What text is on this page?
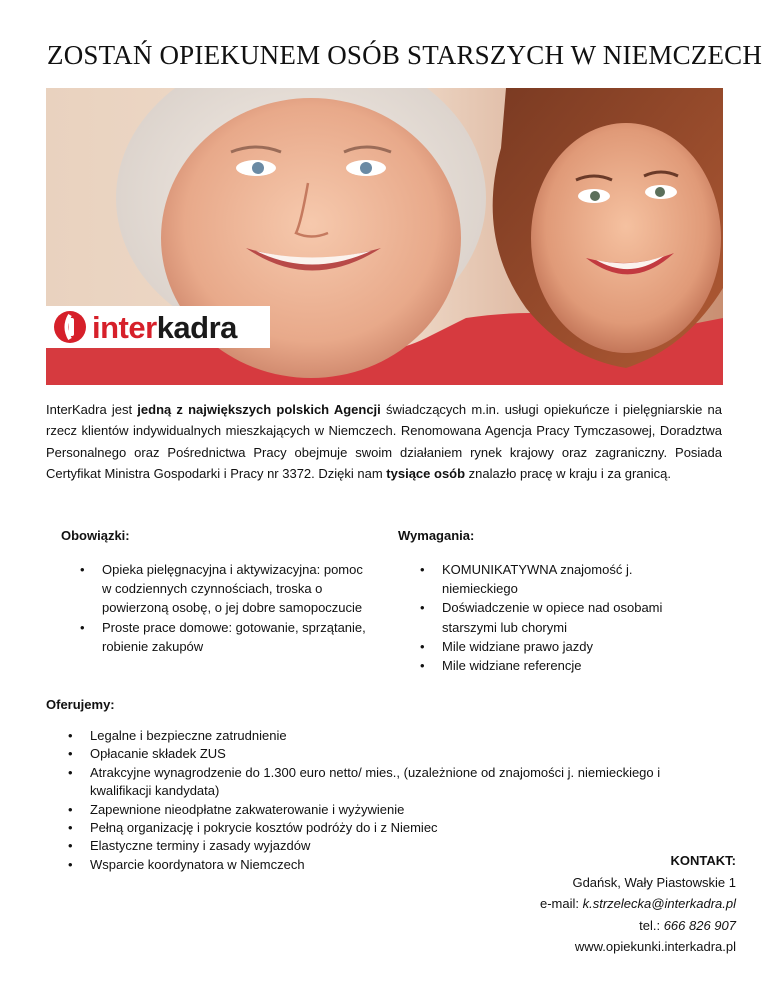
ZOSTAŃ OPIEKUNEM OSÓB STARSZYCH W NIEMCZECH
interkadra

InterKadra jest jedną z największych polskich Agencji świadczących m.in. usługi opiekuńcze i pielęgniarskie na rzecz klientów indywidualnych mieszkających w Niemczech. Renomowana Agencja Pracy Tymczasowej, Doradztwa Personalnego oraz Pośrednictwa Pracy obejmuje swoim działaniem rynek krajowy oraz zagraniczny. Posiada Certyfikat Ministra Gospodarki i Pracy nr 3372. Dzięki nam tysiące osób znalazło pracę w kraju i za granicą.

Obowiązki:

• Opieka pielęgnacyjna i aktywizacyjna: pomoc w codziennych czynnościach, troska o powierzoną osobę, o jej dobre samopoczucie
• Proste prace domowe: gotowanie, sprzątanie, robienie zakupów

Wymagania:

• KOMUNIKATYWNA znajomość j. niemieckiego
• Doświadczenie w opiece nad osobami starszymi lub chorymi
• Mile widziane prawo jazdy
• Mile widziane referencje

Oferujemy:

• Legalne i bezpieczne zatrudnienie
• Opłacanie składek ZUS
• Atrakcyjne wynagrodzenie do 1.300 euro netto/ mies., (uzależnione od znajomości j. niemieckiego i kwalifikacji kandydata)
• Zapewnione nieodpłatne zakwaterowanie i wyżywienie
• Pełną organizację i pokrycie kosztów podróży do i z Niemiec
• Elastyczne terminy i zasady wyjazdów
• Wsparcie koordynatora w Niemczech	KONTAKT:
Gdańsk, Wały Piastowskie 1
e-mail: k.strzelecka@interkadra.pl
tel.: 666 826 907
www.opiekunki.interkadra.pl
